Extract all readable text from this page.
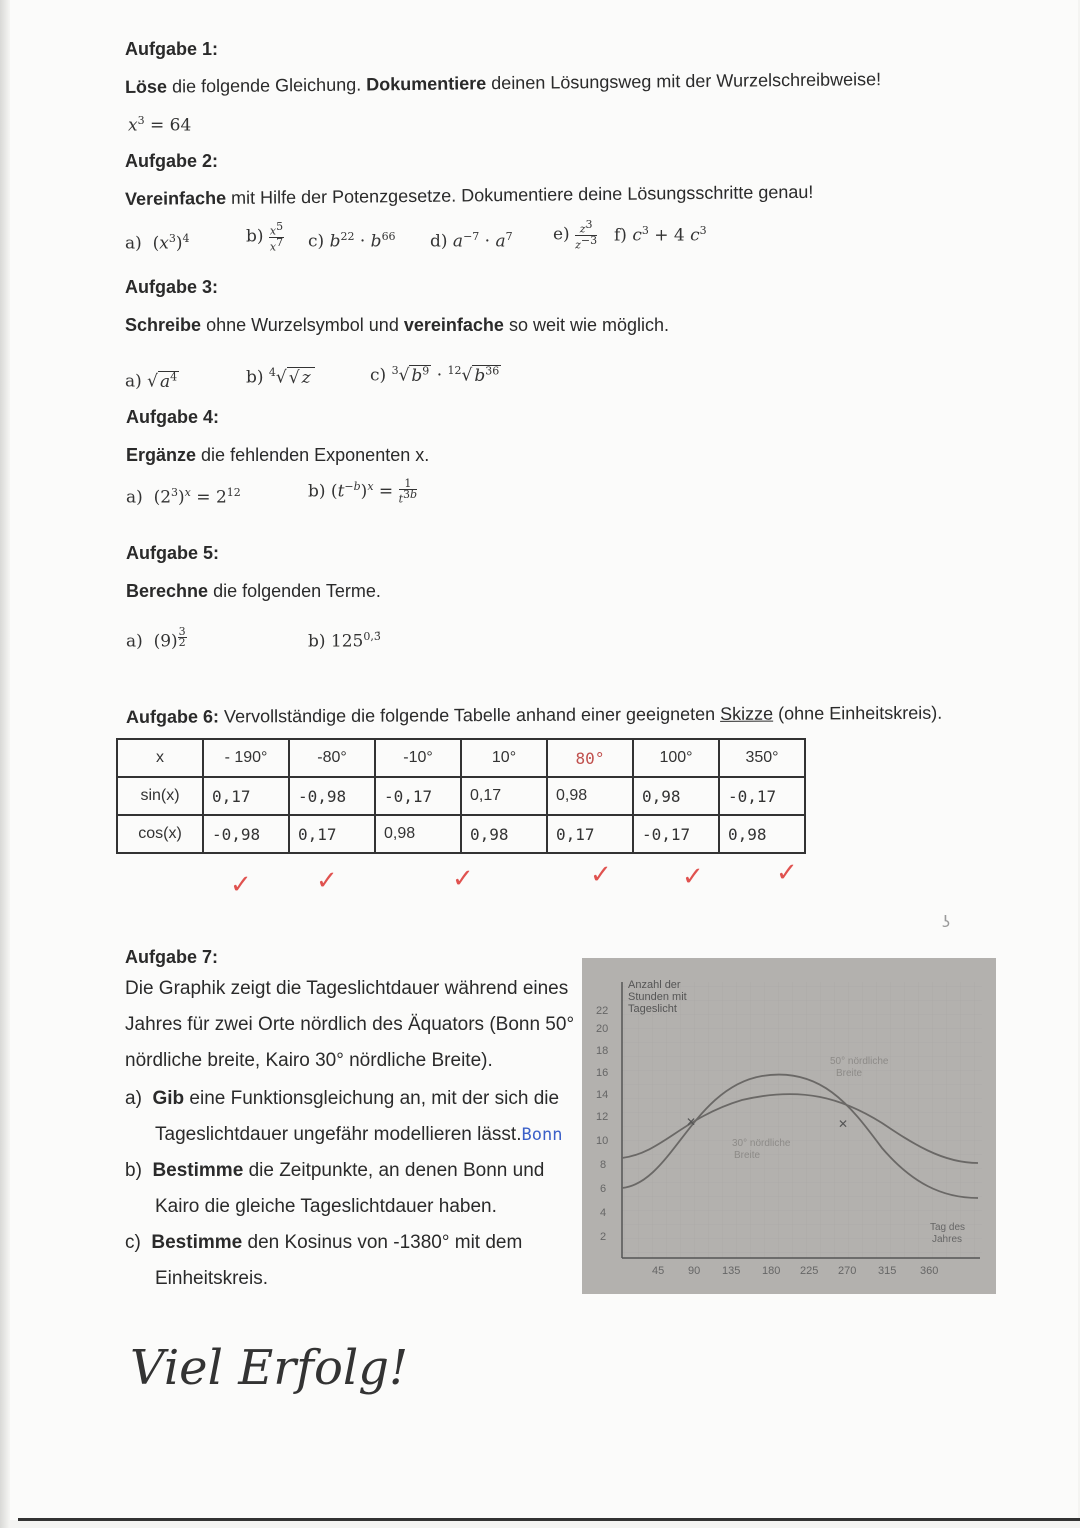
Aufgabe 1:
Löse die folgende Gleichung. Dokumentiere deinen Lösungsweg mit der Wurzelschreibweise!
$x^3 = 64$
Aufgabe 2:
Vereinfache mit Hilfe der Potenzgesetze. Dokumentiere deine Lösungsschritte genau!
a)  $(x^3)^4$	$b) \frac{x^5}{x^7} c$) $b^{22} \cdot b^{66}$ d) $a^{-7} \cdot a^7$ $e) \frac{z^3}{z^{-3}} f$) $c^3 + 4$ $c^3$
Aufgabe 3:
Schreibe ohne Wurzelsymbol und vereinfache so weit wie möglich.
a) √ $a^4$	b) $^4$√ √ z	c) $^3$√ $b^9 \cdot ^{12}√$ $b^{36}$
Aufgabe 4:
Ergänze die fehlenden Exponenten x.
a)  $(2^3)^x = 2^{12}$	b) $(t^{-b})^x = \frac{1}{t^{3b}}$
Aufgabe 5:
Berechne die folgenden Terme.
a)  (9) $^{\frac{3}{2}}$	b) $125^{0,3̄}$
Aufgabe 6: Vervollständige die folgende Tabelle anhand einer geeigneten Skizze (ohne Einheitskreis).
x	- 190°	-80°	-10°	10°	80°	100°	350°
sin(x)	0,17	-0,98	-0,17	0,17	0,98	0,98	-0,17
cos(x)	-0,98	0,17	0,98	0,98	0,17	-0,17	0,98
✓ ✓	✓	✓	✓	✓
ʖ
Aufgabe 7:
Die Graphik zeigt die Tageslichtdauer während eines
Jahres für zwei Orte nördlich des Äquators (Bonn 50°
nördliche breite, Kairo 30° nördliche Breite).
a)  Gib eine Funktionsgleichung an, mit der sich die
Tageslichtdauer ungefähr modellieren lässt.Bonn
b)  Bestimme die Zeitpunkte, an denen Bonn und
Kairo die gleiche Tageslichtdauer haben.
c)  Bestimme den Kosinus von -1380° mit dem
Einheitskreis.
Anzahl der
Stunden mit
Tageslicht
2
4
6
8
10
12
14
16
18
20
22
✕	✕
50° nördliche
Breite
30° nördliche
Breite
Tag des
Jahres
45 90 135 180 225 270 315 360
Viel Erfolg!
